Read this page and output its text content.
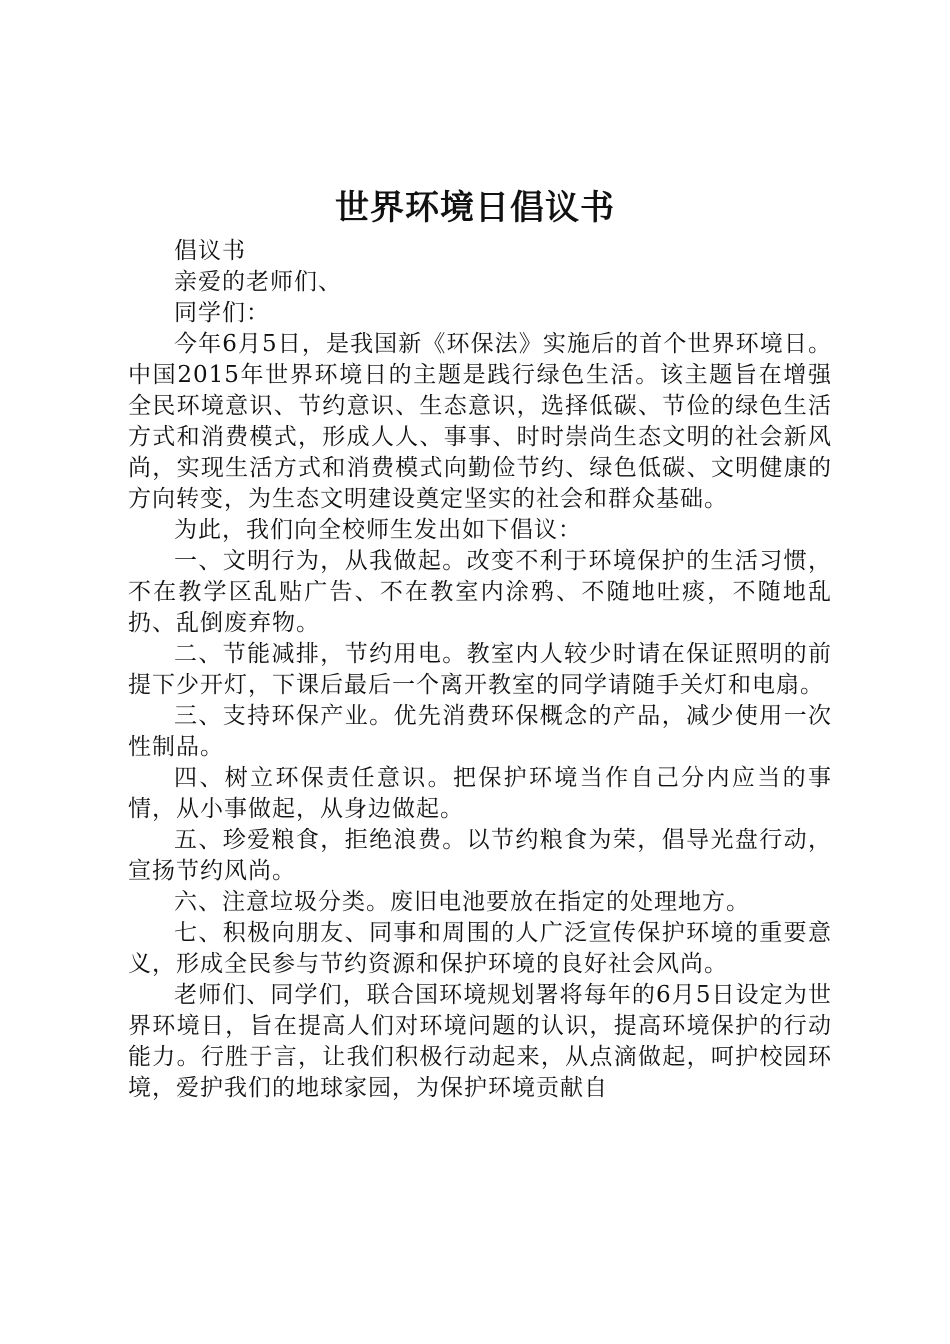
世界环境日倡议书

倡议书

亲爱的老师们、

同学们：

今年6月5日，是我国新《环保法》实施后的首个世界环境日。中国2015年世界环境日的主题是践行绿色生活。该主题旨在增强全民环境意识、节约意识、生态意识，选择低碳、节俭的绿色生活方式和消费模式，形成人人、事事、时时崇尚生态文明的社会新风尚，实现生活方式和消费模式向勤俭节约、绿色低碳、文明健康的方向转变，为生态文明建设奠定坚实的社会和群众基础。

为此，我们向全校师生发出如下倡议：

一、文明行为，从我做起。改变不利于环境保护的生活习惯，不在教学区乱贴广告、不在教室内涂鸦、不随地吐痰，不随地乱扔、乱倒废弃物。

二、节能减排，节约用电。教室内人较少时请在保证照明的前提下少开灯，下课后最后一个离开教室的同学请随手关灯和电扇。

三、支持环保产业。优先消费环保概念的产品，减少使用一次性制品。

四、树立环保责任意识。把保护环境当作自己分内应当的事情，从小事做起，从身边做起。

五、珍爱粮食，拒绝浪费。以节约粮食为荣，倡导光盘行动，宣扬节约风尚。

六、注意垃圾分类。废旧电池要放在指定的处理地方。

七、积极向朋友、同事和周围的人广泛宣传保护环境的重要意义，形成全民参与节约资源和保护环境的良好社会风尚。

老师们、同学们，联合国环境规划署将每年的6月5日设定为世界环境日，旨在提高人们对环境问题的认识，提高环境保护的行动能力。行胜于言，让我们积极行动起来，从点滴做起，呵护校园环境，爱护我们的地球家园，为保护环境贡献自
